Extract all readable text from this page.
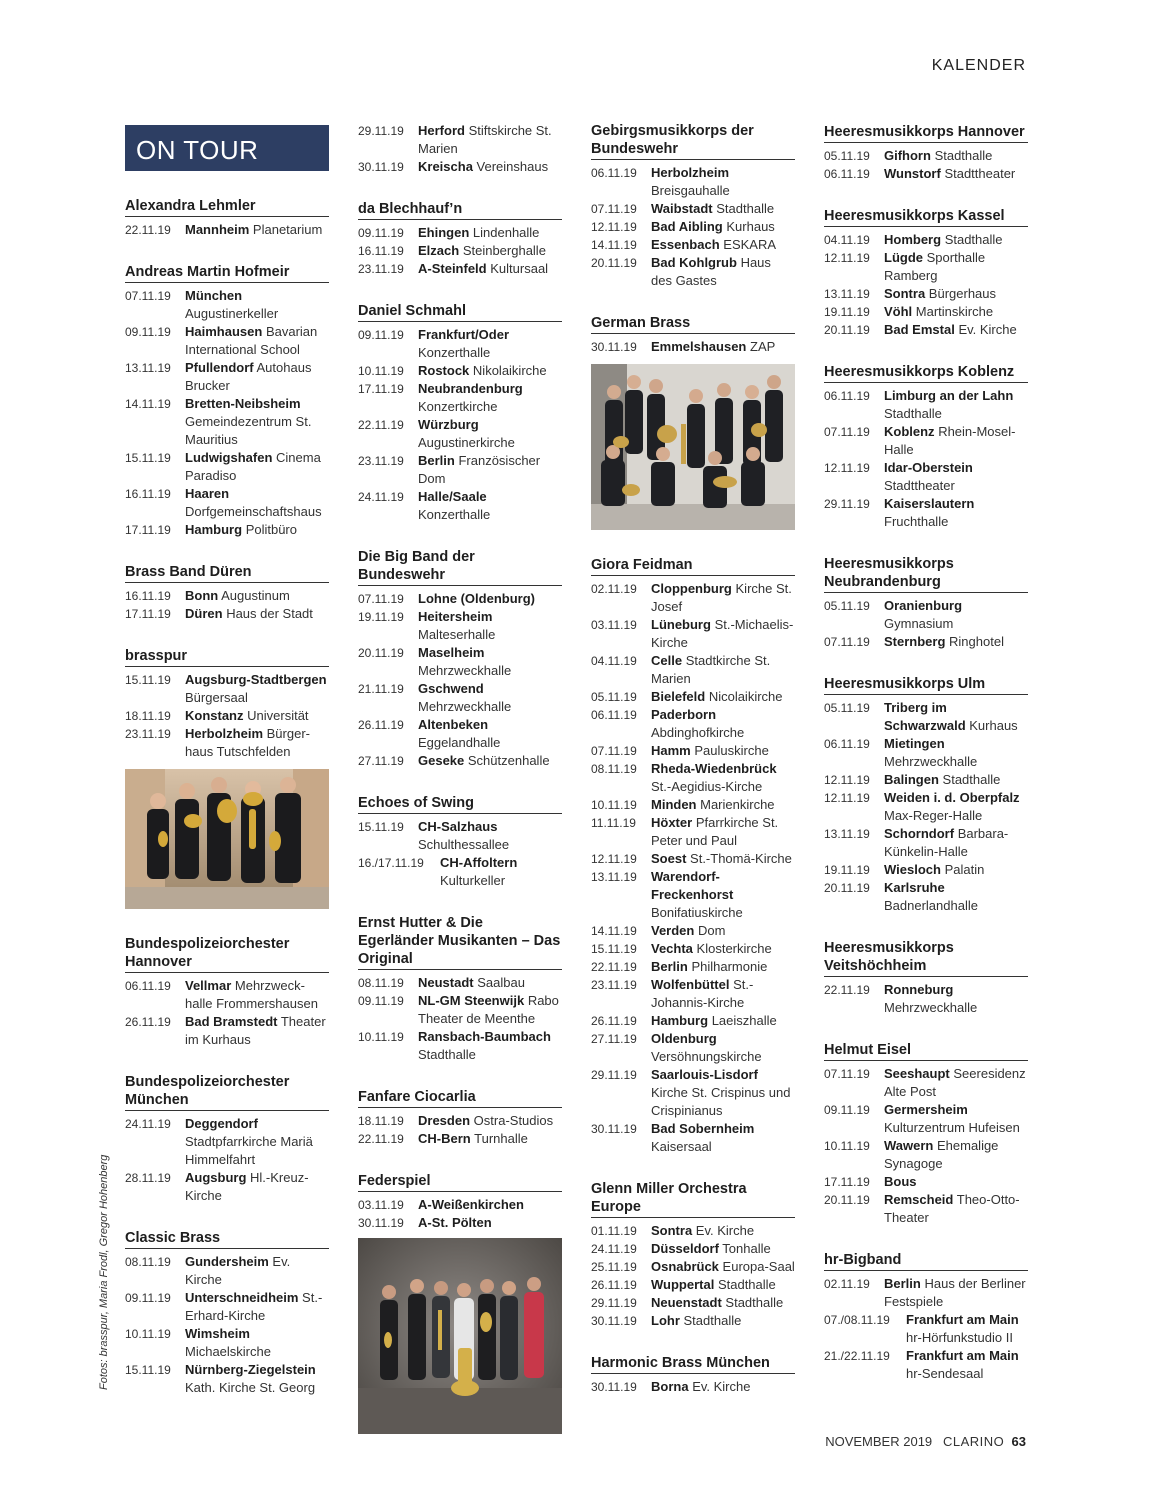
KALENDER
ON TOUR
Alexandra Lehmler
22.11.19	Mannheim Planetarium
Andreas Martin Hofmeir
07.11.19	München Augustinerkeller
09.11.19	Haimhausen Bavarian International School
13.11.19	Pfullendorf Autohaus Brucker
14.11.19	Bretten-Neibsheim Gemeindezentrum St. Mauritius
15.11.19	Ludwigshafen Cinema Paradiso
16.11.19	Haaren Dorfgemeinschaftshaus
17.11.19	Hamburg Politbüro
Brass Band Düren
16.11.19	Bonn Augustinum
17.11.19	Düren Haus der Stadt
brasspur
15.11.19	Augsburg-Stadtbergen Bürgersaal
18.11.19	Konstanz Universität
23.11.19	Herbolzheim Bürger-haus Tutschfelden
Bundespolizeiorchester Hannover
06.11.19	Vellmar Mehrzweck-halle Frommershausen
26.11.19	Bad Bramstedt Theater im Kurhaus
Bundespolizeiorchester München
24.11.19	Deggendorf Stadtpfarrkirche Mariä Himmelfahrt
28.11.19	Augsburg Hl.-Kreuz-Kirche
Classic Brass
08.11.19	Gundersheim Ev. Kirche
09.11.19	Unterschneidheim St.-Erhard-Kirche
10.11.19	Wimsheim Michaelskirche
15.11.19	Nürnberg-Ziegelstein Kath. Kirche St. Georg
29.11.19	Herford Stiftskirche St. Marien
30.11.19	Kreischa Vereinshaus
da Blechhauf’n
09.11.19	Ehingen Lindenhalle
16.11.19	Elzach Steinberghalle
23.11.19	A-Steinfeld Kultursaal
Daniel Schmahl
09.11.19	Frankfurt/Oder Konzerthalle
10.11.19	Rostock Nikolaikirche
17.11.19	Neubrandenburg Konzertkirche
22.11.19	Würzburg Augustinerkirche
23.11.19	Berlin Französischer Dom
24.11.19	Halle/Saale Konzerthalle
Die Big Band der Bundeswehr
07.11.19	Lohne (Oldenburg)
19.11.19	Heitersheim Malteserhalle
20.11.19	Maselheim Mehrzweckhalle
21.11.19	Gschwend Mehrzweckhalle
26.11.19	Altenbeken Eggelandhalle
27.11.19	Geseke Schützenhalle
Echoes of Swing
15.11.19	CH-Salzhaus Schulthessallee
16./17.11.19	CH-Affoltern Kulturkeller
Ernst Hutter & Die Egerländer Musikanten – Das Original
08.11.19	Neustadt Saalbau
09.11.19	NL-GM Steenwijk Rabo Theater de Meenthe
10.11.19	Ransbach-Baumbach Stadthalle
Fanfare Ciocarlia
18.11.19	Dresden Ostra-Studios
22.11.19	CH-Bern Turnhalle
Federspiel
03.11.19	A-Weißenkirchen
30.11.19	A-St. Pölten
Gebirgsmusikkorps der Bundeswehr
06.11.19	Herbolzheim Breisgauhalle
07.11.19	Waibstadt Stadthalle
12.11.19	Bad Aibling Kurhaus
14.11.19	Essenbach ESKARA
20.11.19	Bad Kohlgrub Haus des Gastes
German Brass
30.11.19	Emmelshausen ZAP
Giora Feidman
02.11.19	Cloppenburg Kirche St. Josef
03.11.19	Lüneburg St.-Michaelis-Kirche
04.11.19	Celle Stadtkirche St. Marien
05.11.19	Bielefeld Nicolaikirche
06.11.19	Paderborn Abdinghofkirche
07.11.19	Hamm Pauluskirche
08.11.19	Rheda-Wiedenbrück St.-Aegidius-Kirche
10.11.19	Minden Marienkirche
11.11.19	Höxter Pfarrkirche St. Peter und Paul
12.11.19	Soest St.-Thomä-Kirche
13.11.19	Warendorf-Freckenhorst Bonifatiuskirche
14.11.19	Verden Dom
15.11.19	Vechta Klosterkirche
22.11.19	Berlin Philharmonie
23.11.19	Wolfenbüttel St.-Johannis-Kirche
26.11.19	Hamburg Laeiszhalle
27.11.19	Oldenburg Versöhnungskirche
29.11.19	Saarlouis-Lisdorf Kirche St. Crispinus und Crispinianus
30.11.19	Bad Sobernheim Kaisersaal
Glenn Miller Orchestra Europe
01.11.19	Sontra Ev. Kirche
24.11.19	Düsseldorf Tonhalle
25.11.19	Osnabrück Europa-Saal
26.11.19	Wuppertal Stadthalle
29.11.19	Neuenstadt Stadthalle
30.11.19	Lohr Stadthalle
Harmonic Brass München
30.11.19	Borna Ev. Kirche
Heeresmusikkorps Hannover
05.11.19	Gifhorn Stadthalle
06.11.19	Wunstorf Stadttheater
Heeresmusikkorps Kassel
04.11.19	Homberg Stadthalle
12.11.19	Lügde Sporthalle Ramberg
13.11.19	Sontra Bürgerhaus
19.11.19	Vöhl Martinskirche
20.11.19	Bad Emstal Ev. Kirche
Heeresmusikkorps Koblenz
06.11.19	Limburg an der Lahn Stadthalle
07.11.19	Koblenz Rhein-Mosel-Halle
12.11.19	Idar-Oberstein Stadttheater
29.11.19	Kaiserslautern Fruchthalle
Heeresmusikkorps Neubrandenburg
05.11.19	Oranienburg Gymnasium
07.11.19	Sternberg Ringhotel
Heeresmusikkorps Ulm
05.11.19	Triberg im Schwarzwald Kurhaus
06.11.19	Mietingen Mehrzweckhalle
12.11.19	Balingen Stadthalle
12.11.19	Weiden i. d. Oberpfalz Max-Reger-Halle
13.11.19	Schorndorf Barbara-Künkelin-Halle
19.11.19	Wiesloch Palatin
20.11.19	Karlsruhe Badnerlandhalle
Heeresmusikkorps Veitshöchheim
22.11.19	Ronneburg Mehrzweckhalle
Helmut Eisel
07.11.19	Seeshaupt Seeresidenz Alte Post
09.11.19	Germersheim Kulturzentrum Hufeisen
10.11.19	Wawern Ehemalige Synagoge
17.11.19	Bous
20.11.19	Remscheid Theo-Otto-Theater
hr-Bigband
02.11.19	Berlin Haus der Berliner Festspiele
07./08.11.19	Frankfurt am Main hr-Hörfunkstudio II
21./22.11.19	Frankfurt am Main hr-Sendesaal
Fotos: brasspur, Maria Frodl, Gregor Hohenberg
NOVEMBER 2019 CLARINO 63
